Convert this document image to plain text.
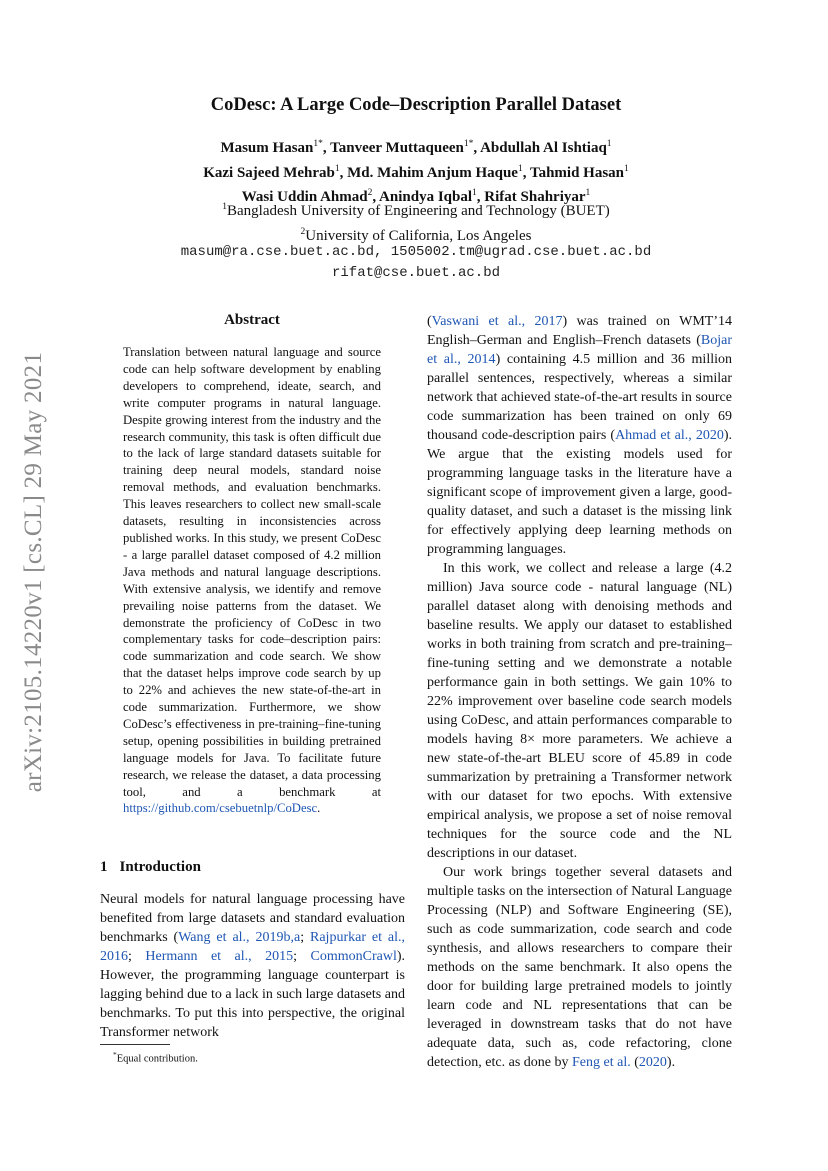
arXiv:2105.14220v1 [cs.CL] 29 May 2021
CoDesc: A Large Code–Description Parallel Dataset
Masum Hasan$^{1*}$, Tanveer Muttaqueen$^{1*}$, Abdullah Al Ishtiaq$^1$
Kazi Sajeed Mehrab$^1$, Md. Mahim Anjum Haque$^1$, Tahmid Hasan$^1$
Wasi Uddin Ahmad$^2$, Anindya Iqbal$^1$, Rifat Shahriyar$^1$
$^1$Bangladesh University of Engineering and Technology (BUET)
$^2$University of California, Los Angeles
masum@ra.cse.buet.ac.bd, 1505002.tm@ugrad.cse.buet.ac.bd
rifat@cse.buet.ac.bd
Abstract
Translation between natural language and source code can help software development by enabling developers to comprehend, ideate, search, and write computer programs in natural language. Despite growing interest from the industry and the research community, this task is often difficult due to the lack of large standard datasets suitable for training deep neural models, standard noise removal methods, and evaluation benchmarks. This leaves researchers to collect new small-scale datasets, resulting in inconsistencies across published works. In this study, we present CoDesc - a large parallel dataset composed of 4.2 million Java methods and natural language descriptions. With extensive analysis, we identify and remove prevailing noise patterns from the dataset. We demonstrate the proficiency of CoDesc in two complementary tasks for code–description pairs: code summarization and code search. We show that the dataset helps improve code search by up to 22% and achieves the new state-of-the-art in code summarization. Furthermore, we show CoDesc’s effectiveness in pre-training–fine-tuning setup, opening possibilities in building pretrained language models for Java. To facilitate future research, we release the dataset, a data processing tool, and a benchmark at https://github.com/csebuetnlp/CoDesc.
1 Introduction
Neural models for natural language processing have benefited from large datasets and standard evaluation benchmarks (Wang et al., 2019b,a; Rajpurkar et al., 2016; Hermann et al., 2015; CommonCrawl). However, the programming language counterpart is lagging behind due to a lack in such large datasets and benchmarks. To put this into perspective, the original Transformer network
*Equal contribution.

(Vaswani et al., 2017) was trained on WMT’14 English–German and English–French datasets (Bojar et al., 2014) containing 4.5 million and 36 million parallel sentences, respectively, whereas a similar network that achieved state-of-the-art results in source code summarization has been trained on only 69 thousand code-description pairs (Ahmad et al., 2020). We argue that the existing models used for programming language tasks in the literature have a significant scope of improvement given a large, good-quality dataset, and such a dataset is the missing link for effectively applying deep learning methods on programming languages.

In this work, we collect and release a large (4.2 million) Java source code - natural language (NL) parallel dataset along with denoising methods and baseline results. We apply our dataset to established works in both training from scratch and pre-training–fine-tuning setting and we demonstrate a notable performance gain in both settings. We gain 10% to 22% improvement over baseline code search models using CoDesc, and attain performances comparable to models having 8× more parameters. We achieve a new state-of-the-art BLEU score of 45.89 in code summarization by pretraining a Transformer network with our dataset for two epochs. With extensive empirical analysis, we propose a set of noise removal techniques for the source code and the NL descriptions in our dataset.

Our work brings together several datasets and multiple tasks on the intersection of Natural Language Processing (NLP) and Software Engineering (SE), such as code summarization, code search and code synthesis, and allows researchers to compare their methods on the same benchmark. It also opens the door for building large pretrained models to jointly learn code and NL representations that can be leveraged in downstream tasks that do not have adequate data, such as, code refactoring, clone detection, etc. as done by Feng et al. (2020).
